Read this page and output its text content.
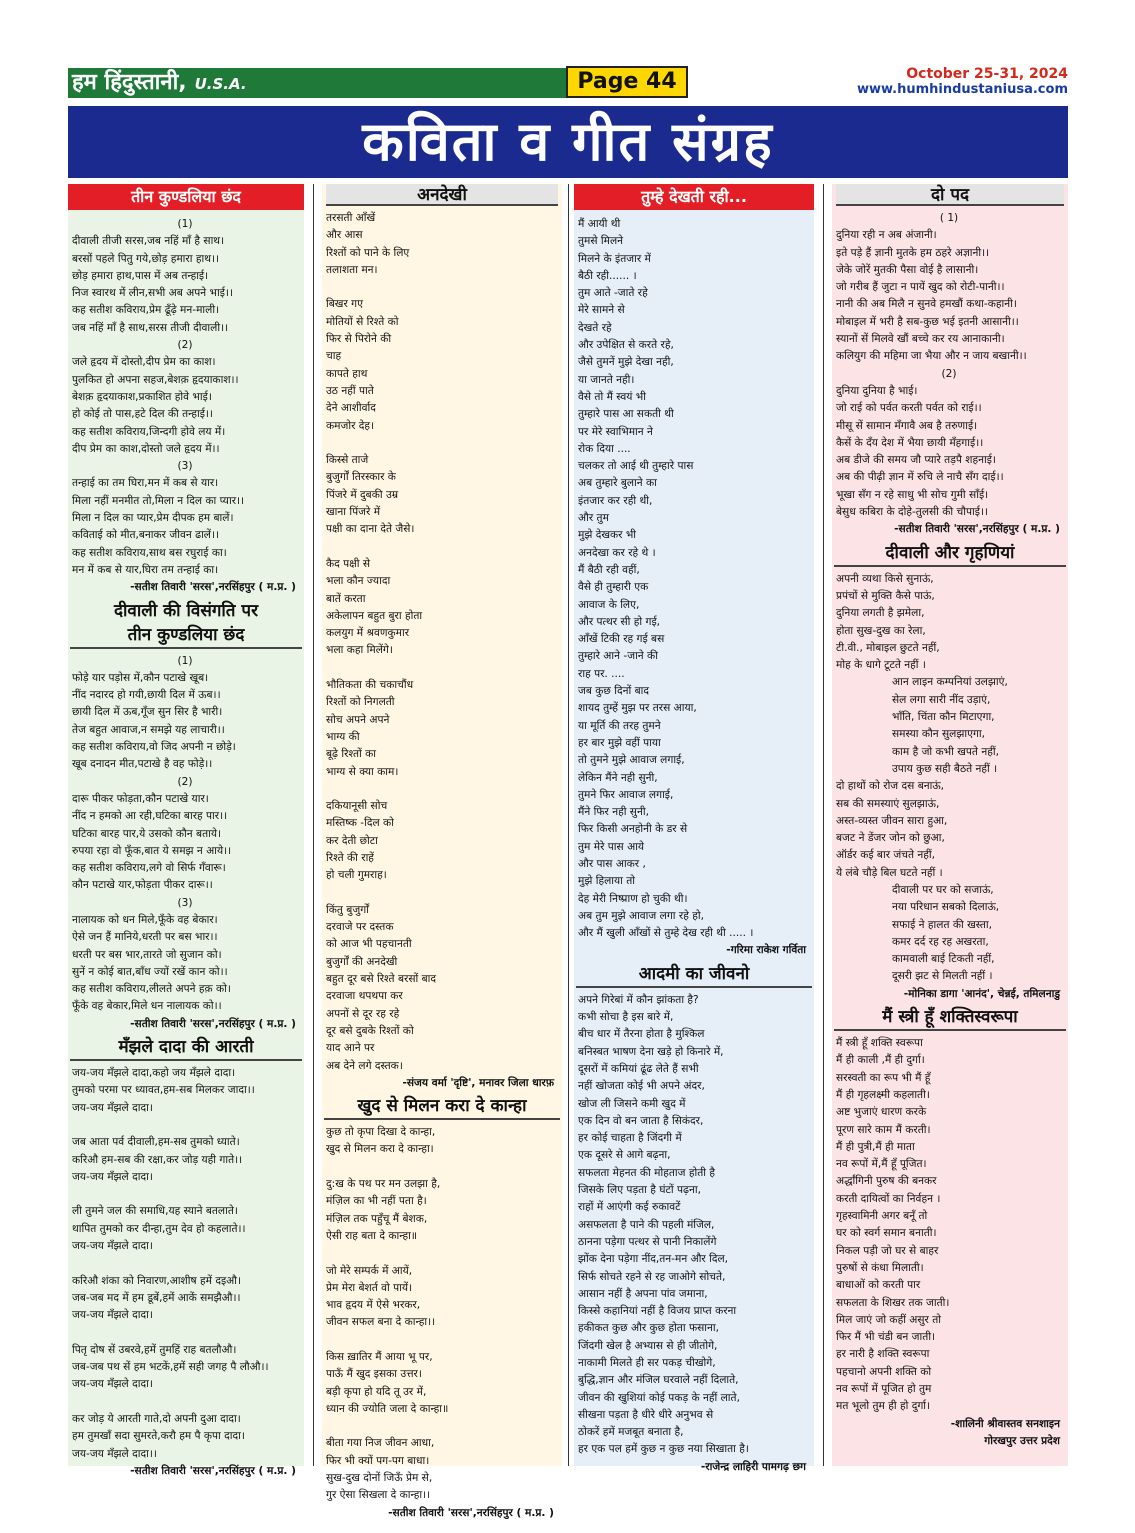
हम हिंदुस्तानी, U.S.A.	Page 44	October 25-31, 2024
www.humhindustaniusa.com
कविता व गीत संग्रह
तीन कुण्डलिया छंद
(1)
दीवाली तीजी सरस,जब नहिं माँ है साथ।
बरसों पहले पितु गये,छोड़ हमारा हाथ।।
छोड़ हमारा हाथ,पास में अब तन्हाई।
निज स्वारथ में लीन,सभी अब अपने भाई।।
कह सतीश कविराय,प्रेम ढूँढ़े मन-माली।
जब नहिं माँ है साथ,सरस तीजी दीवाली।।
(2)
जले हृदय में दोस्तो,दीप प्रेम का काश।
पुलकित हो अपना सहज,बेशक़ हृदयाकाश।।
बेशक़ हृदयाकाश,प्रकाशित होवे भाई।
हो कोई तो पास,हटे दिल की तन्हाई।।
कह सतीश कविराय,जिन्दगी होवे लय में।
दीप प्रेम का काश,दोस्तो जले हृदय में।।
(3)
तन्हाई का तम घिरा,मन में कब से यार।
मिला नहीं मनमीत तो,मिला न दिल का प्यार।।
मिला न दिल का प्यार,प्रेम दीपक हम बालें।
कविताई को मीत,बनाकर जीवन ढालें।।
कह सतीश कविराय,साथ बस रघुराई का।
मन में कब से यार,घिरा तम तन्हाई का।
-सतीश तिवारी 'सरस',नरसिंहपुर ( म.प्र. )
दीवाली की विसंगति पर
तीन कुण्डलिया छंद
(1)
फोड़े यार पड़ोस में,कौन पटाखे खूब।
नींद नदारद हो गयी,छायी दिल में ऊब।।
छायी दिल में ऊब,गूँज सुन सिर है भारी।
तेज बहुत आवाज,न समझे यह लाचारी।।
कह सतीश कविराय,वो जिद अपनी न छोड़े।
खूब दनादन मीत,पटाखे है वह फोड़े।।
(2)
दारू पीकर फोड़ता,कौन पटाखे यार।
नींद न हमको आ रही,घटिका बारह पार।।
घटिका बारह पार,ये उसको कौन बताये।
रुपया रहा वो फूँक,बात ये समझ न आये।।
कह सतीश कविराय,लगे वो सिर्फ गँवारू।
कौन पटाखे यार,फोड़ता पीकर दारू।।
(3)
नालायक को धन मिले,फूँके वह बेकार।
ऐसे जन हैं मानिये,धरती पर बस भार।।
धरती पर बस भार,तारते जो सुजान को।
सुनें न कोई बात,बाँध ज्यों रखें कान को।।
कह सतीश कविराय,लीलते अपने हक़ को।
फूँके वह बेकार,मिले धन नालायक को।।
-सतीश तिवारी 'सरस',नरसिंहपुर ( म.प्र. )
मँझले दादा की आरती
जय-जय मँझले दादा,कहो जय मँझले दादा।
तुमको परमा पर ध्यावत,हम-सब मिलकर जादा।।
जय-जय मँझले दादा।
जब आता पर्व दीवाली,हम-सब तुमको ध्याते।
करिऔ हम-सब की रक्षा,कर जोड़ यही गाते।।
जय-जय मँझले दादा।
ली तुमने जल की समाधि,यह स्याने बतलाते।
थापित तुमको कर दीन्हा,तुम देव हो कहलाते।।
जय-जय मँझले दादा।
करिऔ शंका को निवारण,आशीष हमें दइऔ।
जब-जब मद में हम डूबें,हमें आकें समझैऔ।।
जय-जय मँझले दादा।
पितृ दोष सें उबरवे,हमें तुमहिं राह बतलौऔ।
जब-जब पथ सें हम भटकें,हमें सही जगह पै लौऔ।।
जय-जय मँझले दादा।
कर जोड़ ये आरती गाते,दो अपनी दुआ दादा।
हम तुमखाँ सदा सुमरते,करौ हम पै कृपा दादा।
जय-जय मँझले दादा।।
-सतीश तिवारी 'सरस',नरसिंहपुर ( म.प्र. )
अनदेखी
तरसती आँखें
और आस
रिश्तों को पाने के लिए
तलाशता मन।
बिखर गए
मोतियों से रिश्ते को
फिर से पिरोने की
चाह
कापते हाथ
उठ नहीं पाते
देने आशीर्वाद
कमजोर देह।
किस्से ताजे
बुजुर्गों तिरस्कार के
पिंजरे में दुबकी उम्र
खाना पिंजरे में
पक्षी का दाना देते जैसे।
कैद पक्षी से
भला कौन ज्यादा
बातें करता
अकेलापन बहुत बुरा होता
कलयुग में श्रवणकुमार
भला कहा मिलेंगे।
भौतिकता की चकाचौंध
रिश्तों को निगलती
सोच अपने अपने
भाग्य की
बूढ़े रिश्तों का
भाग्य से क्या काम।
दकियानूसी सोच
मस्तिष्क -दिल को
कर देती छोटा
रिश्ते की राहें
हो चली गुमराह।
किंतु बुजुर्गों
दरवाजे पर दस्तक
को आज भी पहचानती
बुजुर्गों की अनदेखी
बहुत दूर बसे रिश्ते बरसों बाद
दरवाजा थपथपा कर
अपनों से दूर रह रहे
दूर बसे दुबके रिश्तों को
याद आने पर
अब देने लगे दस्तक।
-संजय वर्मा 'दृष्टि', मनावर जिला धारफ़
खुद से मिलन करा दे कान्हा
कुछ तो कृपा दिखा दे कान्हा,
खुद से मिलन करा दे कान्हा।
दु:ख के पथ पर मन उलझा है,
मंज़िल का भी नहीं पता है।
मंज़िल तक पहुँचू मैं बेशक,
ऐसी राह बता दे कान्हा॥
जो मेरे सम्पर्क में आयें,
प्रेम मेरा बेशर्त वो पायें।
भाव हृदय में ऐसे भरकर,
जीवन सफल बना दे कान्हा।।
किस ख़ातिर मैं आया भू पर,
पाऊँ मैं खुद इसका उत्तर।
बड़ी कृपा हो यदि तू उर में,
ध्यान की ज्योति जला दे कान्हा॥
बीता गया निज जीवन आधा,
फिर भी क्यों पग-पग बाधा।
सुख-दुख दोनों जिऊँ प्रेम से,
गुर ऐसा सिखला दे कान्हा।।
-सतीश तिवारी 'सरस',नरसिंहपुर ( म.प्र. )
तुम्हे देखती रही...
मैं आयी थी
तुमसे मिलने
मिलने के इंतजार में
बैठी रही...... ।
तुम आते -जाते रहे
मेरे सामने से
देखते रहे
और उपेक्षित से करते रहे,
जैसे तुमनें मुझे देखा नही,
या जानते नही।
वैसे तो मैं स्वयं भी
तुम्हारे पास आ सकती थी
पर मेरे स्वाभिमान ने
रोक दिया ....
चलकर तो आई थी तुम्हारे पास
अब तुम्हारे बुलाने का
इंतजार कर रही थी,
और तुम
मुझे देखकर भी
अनदेखा कर रहे थे ।
मैं बैठी रही वहीं,
वैसे ही तुम्हारी एक
आवाज के लिए,
और पत्थर सी हो गई,
आँखें टिकी रह गई बस
तुम्हारे आने -जाने की
राह पर. ....
जब कुछ दिनों बाद
शायद तुम्हें मुझ पर तरस आया,
या मूर्ति की तरह तुमने
हर बार मुझे वहीं पाया
तो तुमने मुझे आवाज लगाई,
लेकिन मैंने नही सुनी,
तुमने फिर आवाज लगाई,
मैंने फिर नही सुनी,
फिर किसी अनहोनी के डर से
तुम मेरे पास आये
और पास आकर ,
मुझे हिलाया तो
देह मेरी निष्प्राण हो चुकी थी।
अब तुम मुझे आवाज लगा रहे हो,
और मैं खुली आँखों से तुम्हे देख रही थी ..... ।
-गरिमा राकेश गर्विता
आदमी का जीवनो
अपने गिरेबां में कौन झांकता है?
कभी सोचा है इस बारे में,
बीच धार में तैरना होता है मुश्किल
बनिस्बत भाषण देना खड़े हो किनारे में,
दूसरों में कमियां ढूंढ लेते हैं सभी
नहीं खोजता कोई भी अपने अंदर,
खोज ली जिसने कमी खुद में
एक दिन वो बन जाता है सिकंदर,
हर कोई चाहता है जिंदगी में
एक दूसरे से आगे बढ़ना,
सफलता मेहनत की मोहताज होती है
जिसके लिए पड़ता है घंटों पढ़ना,
राहों में आएंगी कई रुकावटें
असफलता है पाने की पहली मंजिल,
ठानना पड़ेगा पत्थर से पानी निकालेंगे
झोंक देना पड़ेगा नींद,तन-मन और दिल,
सिर्फ सोचते रहने से रह जाओगे सोचते,
आसान नहीं है अपना पांव जमाना,
किस्से कहानियां नहीं है विजय प्राप्त करना
हकीकत कुछ और कुछ होता फसाना,
जिंदगी खेल है अभ्यास से ही जीतोगे,
नाकामी मिलते ही सर पकड़ चीखोगे,
बुद्धि,ज्ञान और मंजिल घरवाले नहीं दिलाते,
जीवन की खुशियां कोई पकड़ के नहीं लाते,
सीखना पड़ता है धीरे धीरे अनुभव से
ठोकरें हमें मजबूत बनाता है,
हर एक पल हमें कुछ न कुछ नया सिखाता है।
-राजेन्द्र लाहिरी पामगढ़ छग
दो पद
( 1)
दुनिया रही न अब अंजानी।
इते पड़े हैं ज्ञानी मुतके हम ठहरे अज्ञानी।।
जेके जोरें मुतकी पैसा वोई है लासानी।
जो गरीब हैं जुटा न पायें खुद को रोटी-पानी।।
नानी की अब मिलै न सुनवे हमखौं कथा-कहानी।
मोबाइल में भरी है सब-कुछ भई इतनी आसानी।।
स्यानों सें मिलवे खौं बच्चे कर रय आनाकानी।
कलियुग की महिमा जा भैया और न जाय बखानी।।
(2)
दुनिया दुनिया है भाई।
जो राई को पर्वत करती पर्वत को राई।।
मीसू सें सामान मँगावै अब है तरुणाई।
कैसें के दँय देश में भैया छायी मँहगाई।।
अब डीजे की समय जौ प्यारे तड़पै शहनाई।
अब की पीढ़ी ज्ञान में रुचि ले नाचै सँग दाई।।
भूखा सँग न रहे साधु भी सोच गुमी साँई।
बेसुध कबिरा के दोहे-तुलसी की चौपाई।।
-सतीश तिवारी 'सरस',नरसिंहपुर ( म.प्र. )
दीवाली और गृहणियां
अपनी व्यथा किसे सुनाऊं,
प्रपंचों से मुक्ति कैसे पाऊं,
दुनिया लगती है झमेला,
होता सुख-दुख का रेला,
टी.वी., मोबाइल छुटते नहीं,
मोह के धागे टूटते नहीं ।
आन लाइन कम्पनियां उलझाएं,
सेल लगा सारी नींद उड़ाएं,
भाँति, चिंता कौन मिटाएगा,
समस्या कौन सुलझाएगा,
काम है जो कभी खपते नहीं,
उपाय कुछ सही बैठते नहीं ।
दो हाथों को रोज दस बनाऊं,
सब की समस्याएं सुलझाऊं,
अस्त-व्यस्त जीवन सारा हुआ,
बजट ने डेंजर जोन को छुआ,
ऑर्डर कई बार जंचते नहीं,
ये लंबे चौड़े बिल घटते नहीं ।
दीवाली पर घर को सजाऊं,
नया परिधान सबको दिलाऊं,
सफाई ने हालत की खस्ता,
कमर दर्द रह रह अखरता,
कामवाली बाई टिकती नहीं,
दूसरी झट से मिलती नहीं ।
-मोनिका डागा 'आनंद', चेन्नई, तमिलनाडु
मैं स्त्री हूँ शक्तिस्वरूपा
मैं स्त्री हूँ शक्ति स्वरूपा
मैं ही काली ,मैं ही दुर्गा।
सरस्वती का रूप भी मैं हूँ
मैं ही गृहलक्ष्मी कहलाती।
अष्ट भुजाएं धारण करके
पूरण सारे काम मैं करती।
मैं ही पुत्री,मैं ही माता
नव रूपों में,मैं हूँ पूजित।
अर्द्धांगिनी पुरुष की बनकर
करती दायित्वों का निर्वहन ।
गृहस्वामिनी अगर बनूँ तो
घर को स्वर्ग समान बनाती।
निकल पड़ी जो घर से बाहर
पुरुषों से कंधा मिलाती।
बाधाओं को करती पार
सफलता के शिखर तक जाती।
मिल जाएं जो कहीं असुर तो
फिर मैं भी चंडी बन जाती।
हर नारी है शक्ति स्वरूपा
पहचानो अपनी शक्ति को
नव रूपों में पूजित हो तुम
मत भूलो तुम ही हो दुर्गा।
-शालिनी श्रीवास्तव सनशाइन
गोरखपुर उत्तर प्रदेश
